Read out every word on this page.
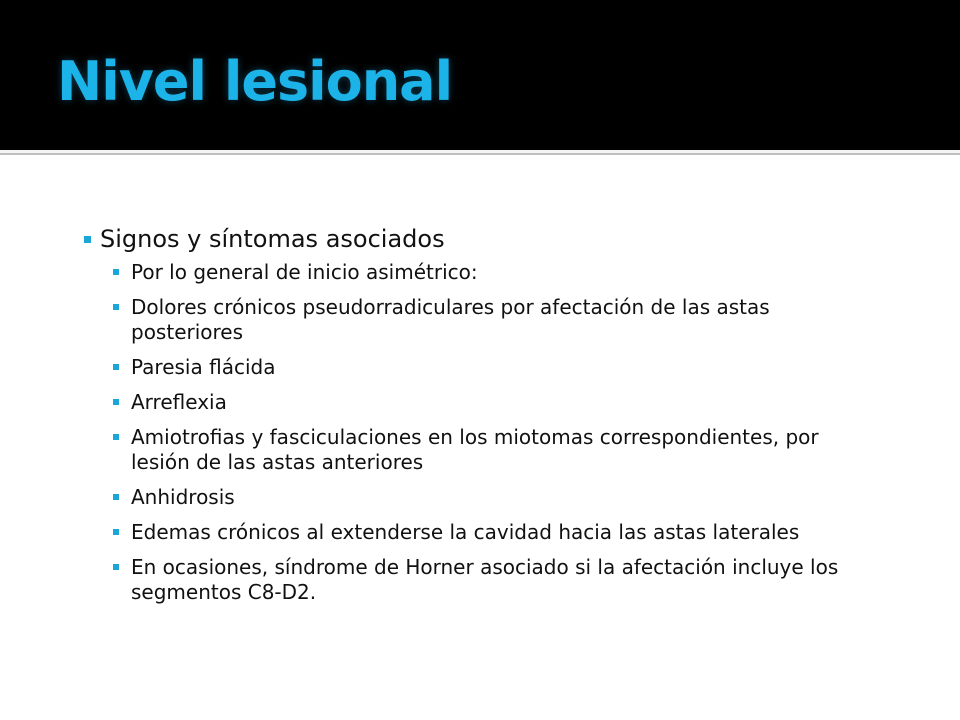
Nivel lesional
Signos y síntomas asociados
Por lo general de inicio asimétrico:
Dolores crónicos pseudorradiculares por afectación de las astas posteriores
Paresia flácida
Arreflexia
Amiotrofias y fasciculaciones en los miotomas correspondientes, por lesión de las astas anteriores
Anhidrosis
Edemas crónicos al extenderse la cavidad hacia las astas laterales
En ocasiones, síndrome de Horner asociado si la afectación incluye los segmentos C8-D2.
